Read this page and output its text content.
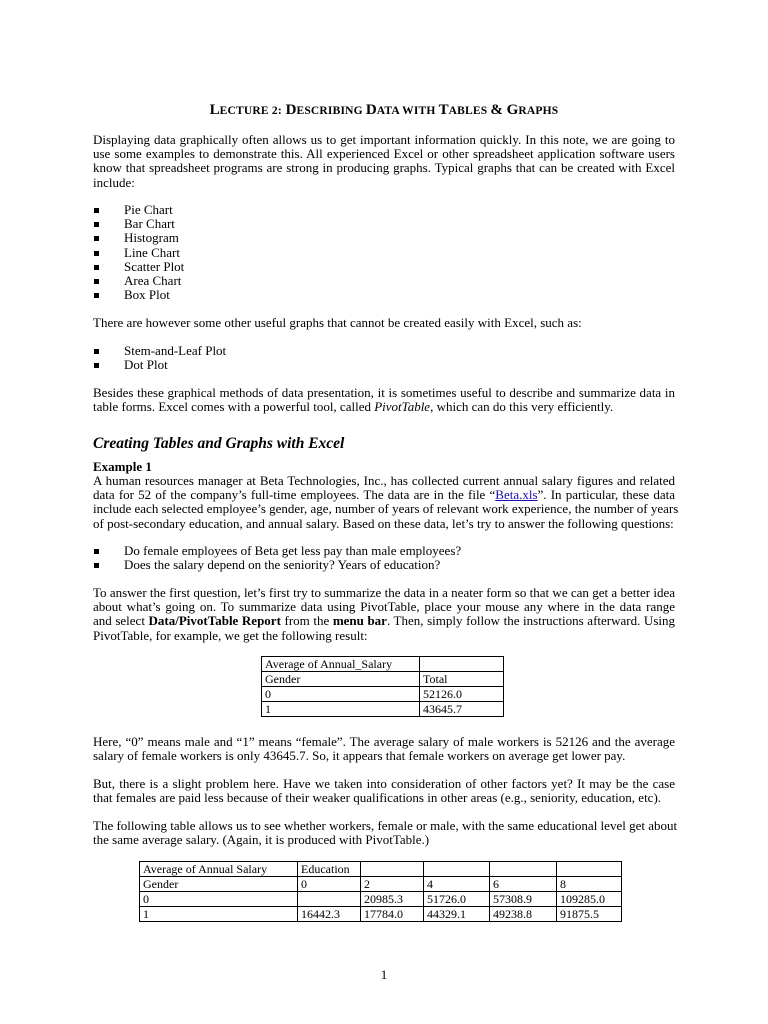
LECTURE 2: DESCRIBING DATA WITH TABLES & GRAPHS

Displaying data graphically often allows us to get important information quickly. In this note, we are going to
use some examples to demonstrate this. All experienced Excel or other spreadsheet application software users
know that spreadsheet programs are strong in producing graphs. Typical graphs that can be created with Excel
include:

Pie Chart
Bar Chart
Histogram
Line Chart
Scatter Plot
Area Chart
Box Plot

There are however some other useful graphs that cannot be created easily with Excel, such as:

Stem-and-Leaf Plot
Dot Plot

Besides these graphical methods of data presentation, it is sometimes useful to describe and summarize data in
table forms. Excel comes with a powerful tool, called PivotTable, which can do this very efficiently.

Creating Tables and Graphs with Excel
Example 1

A human resources manager at Beta Technologies, Inc., has collected current annual salary figures and related
data for 52 of the company’s full-time employees. The data are in the file “Beta.xls”. In particular, these data
include each selected employee’s gender, age, number of years of relevant work experience, the number of years
of post-secondary education, and annual salary. Based on these data, let’s try to answer the following questions:

Do female employees of Beta get less pay than male employees?
Does the salary depend on the seniority? Years of education?

To answer the first question, let’s first try to summarize the data in a neater form so that we can get a better idea
about what’s going on. To summarize data using PivotTable, place your mouse any where in the data range
and select Data/PivotTable Report from the menu bar. Then, simply follow the instructions afterward. Using
PivotTable, for example, we get the following result:

Average of Annual_Salary	
Gender	Total
0	52126.0
1	43645.7

Here, “0” means male and “1” means “female”. The average salary of male workers is 52126 and the average
salary of female workers is only 43645.7. So, it appears that female workers on average get lower pay.

But, there is a slight problem here. Have we taken into consideration of other factors yet? It may be the case
that females are paid less because of their weaker qualifications in other areas (e.g., seniority, education, etc).

The following table allows us to see whether workers, female or male, with the same educational level get about
the same average salary. (Again, it is produced with PivotTable.)

Average of Annual Salary	Education				
Gender	0	2	4	6	8
0		20985.3	51726.0	57308.9	109285.0
1	16442.3	17784.0	44329.1	49238.8	91875.5
1
